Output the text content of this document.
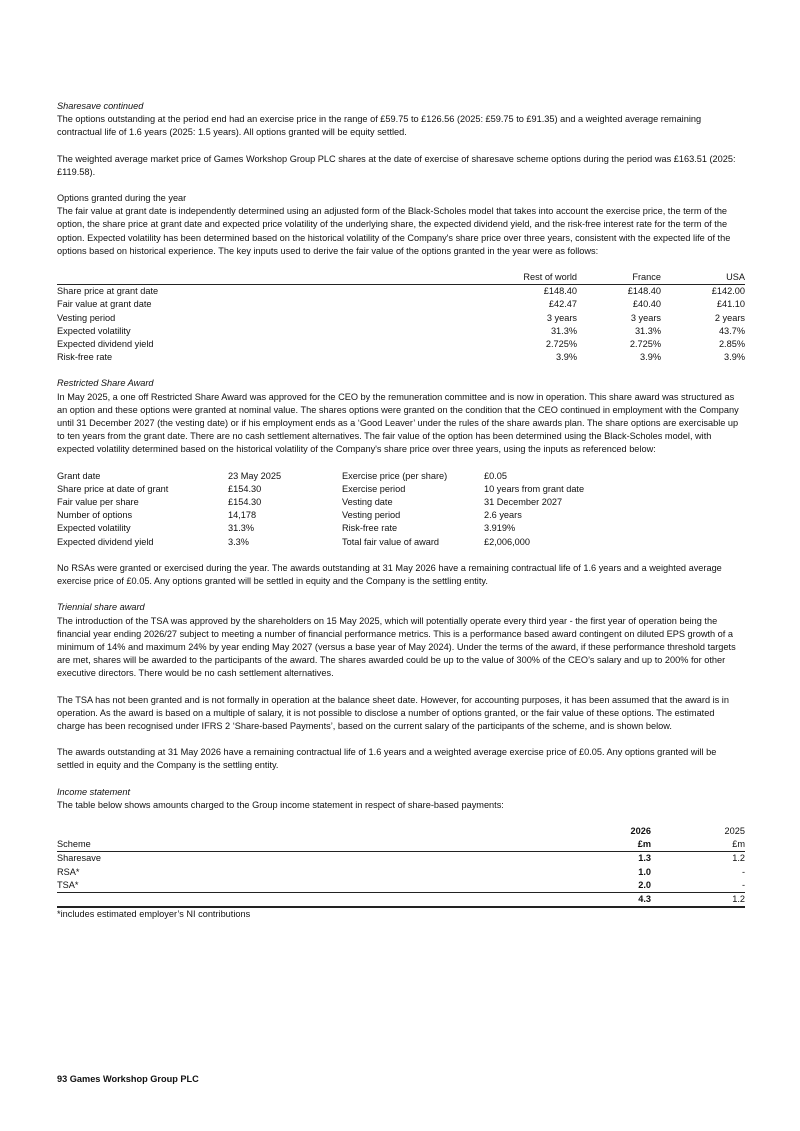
Sharesave continued

The options outstanding at the period end had an exercise price in the range of £59.75 to £126.56 (2025: £59.75 to £91.35) and a weighted average remaining contractual life of 1.6 years (2025: 1.5 years). All options granted will be equity settled.

The weighted average market price of Games Workshop Group PLC shares at the date of exercise of sharesave scheme options during the period was £163.51 (2025: £119.58).

Options granted during the year

The fair value at grant date is independently determined using an adjusted form of the Black-Scholes model that takes into account the exercise price, the term of the option, the share price at grant date and expected price volatility of the underlying share, the expected dividend yield, and the risk-free interest rate for the term of the option. Expected volatility has been determined based on the historical volatility of the Company's share price over three years, consistent with the expected life of the options based on historical experience. The key inputs used to derive the fair value of the options granted in the year were as follows:

	Rest of world	France	USA
Share price at grant date	£148.40	£148.40	£142.00
Fair value at grant date	£42.47	£40.40	£41.10
Vesting period	3 years	3 years	2 years
Expected volatility	31.3%	31.3%	43.7%
Expected dividend yield	2.725%	2.725%	2.85%
Risk-free rate	3.9%	3.9%	3.9%

Restricted Share Award

In May 2025, a one off Restricted Share Award was approved for the CEO by the remuneration committee and is now in operation. This share award was structured as an option and these options were granted at nominal value. The shares options were granted on the condition that the CEO continued in employment with the Company until 31 December 2027 (the vesting date) or if his employment ends as a ‘Good Leaver’ under the rules of the share awards plan. The share options are exercisable up to ten years from the grant date. There are no cash settlement alternatives. The fair value of the option has been determined using the Black-Scholes model, with expected volatility determined based on the historical volatility of the Company's share price over three years, using the inputs as referenced below:

Grant date	23 May 2025	Exercise price (per share)	£0.05
Share price at date of grant	£154.30	Exercise period	10 years from grant date
Fair value per share	£154.30	Vesting date	31 December 2027
Number of options	14,178	Vesting period	2.6 years
Expected volatility	31.3%	Risk-free rate	3.919%
Expected dividend yield	3.3%	Total fair value of award	£2,006,000

No RSAs were granted or exercised during the year. The awards outstanding at 31 May 2026 have a remaining contractual life of 1.6 years and a weighted average exercise price of £0.05. Any options granted will be settled in equity and the Company is the settling entity.

Triennial share award

The introduction of the TSA was approved by the shareholders on 15 May 2025, which will potentially operate every third year - the first year of operation being the financial year ending 2026/27 subject to meeting a number of financial performance metrics. This is a performance based award contingent on diluted EPS growth of a minimum of 14% and maximum 24% by year ending May 2027 (versus a base year of May 2024). Under the terms of the award, if these performance threshold targets are met, shares will be awarded to the participants of the award. The shares awarded could be up to the value of 300% of the CEO’s salary and up to 200% for other executive directors. There would be no cash settlement alternatives.

The TSA has not been granted and is not formally in operation at the balance sheet date. However, for accounting purposes, it has been assumed that the award is in operation. As the award is based on a multiple of salary, it is not possible to disclose a number of options granted, or the fair value of these options. The estimated charge has been recognised under IFRS 2 ‘Share-based Payments’, based on the current salary of the participants of the scheme, and is shown below.

The awards outstanding at 31 May 2026 have a remaining contractual life of 1.6 years and a weighted average exercise price of £0.05. Any options granted will be settled in equity and the Company is the settling entity.

Income statement

The table below shows amounts charged to the Group income statement in respect of share-based payments:

	2026	2025
Scheme	£m	£m
Sharesave	1.3	1.2
RSA*	1.0	-
TSA*	2.0	-
	4.3	1.2

*includes estimated employer’s NI contributions

93 Games Workshop Group PLC
